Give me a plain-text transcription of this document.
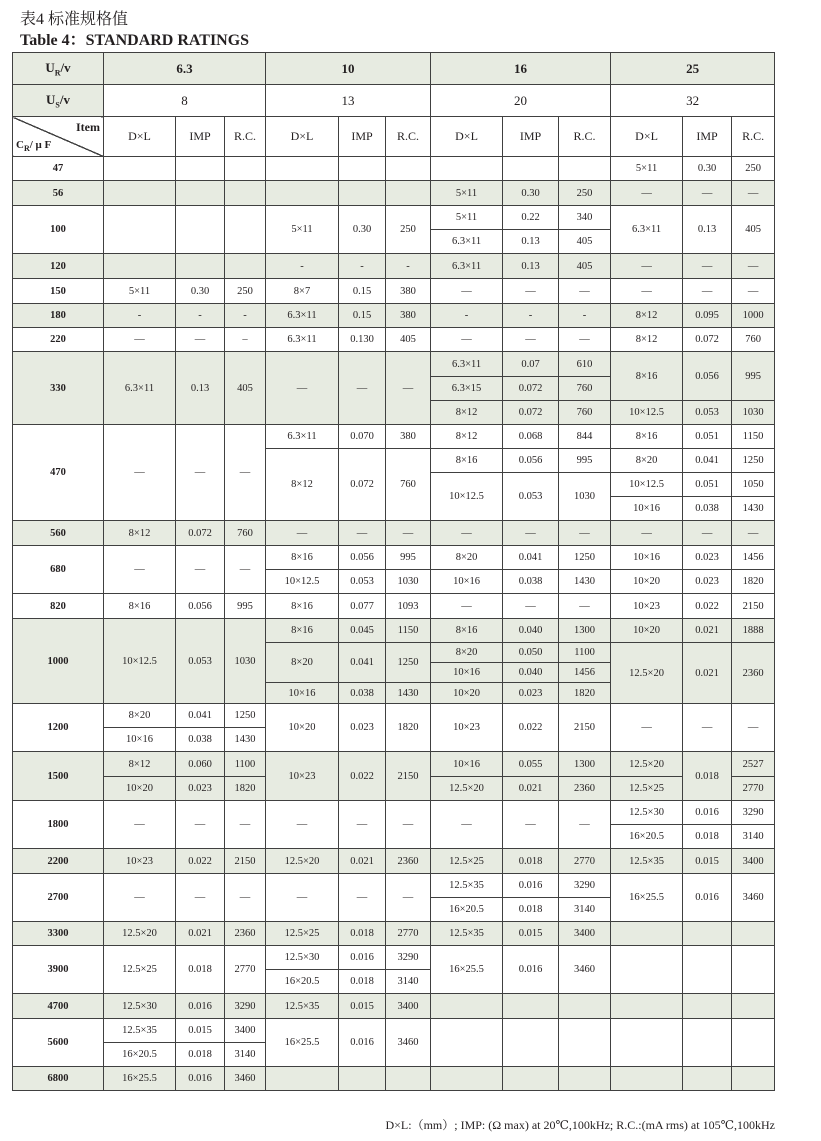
表4 标准规格值
Table 4：STANDARD RATINGS
$U_R/v$	6.3			10			16			25		
$U_S/v$	8			13			20			32		

Item
$C_R/$ μ F	D×L	IMP	R.C.	D×L	IMP	R.C.	D×L	IMP	R.C.	D×L	IMP	R.C.
47										5×11	0.30	250
56							5×11	0.30	250	—	—	—
100				5×11	0.30	250	5×11	0.22	340	6.3×11	0.13	405
							6.3×11	0.13	405			
120				-	-	-	6.3×11	0.13	405	—	—	—
150	5×11	0.30	250	8×7	0.15	380	—	—	—	—	—	—
180	-	-	-	6.3×11	0.15	380	-	-	-	8×12	0.095	1000
220	—	—	–	6.3×11	0.130	405	—	—	—	8×12	0.072	760
330	6.3×11	0.13	405	—	—	—	6.3×11	0.07	610	8×16	0.056	995
							6.3×15	0.072	760			
							8×12	0.072	760	10×12.5	0.053	1030
470	—	—	—	6.3×11	0.070	380	8×12	0.068	844	8×16	0.051	1150
				8×12	0.072	760	8×16	0.056	995	8×20	0.041	1250
							10×12.5	0.053	1030	10×12.5	0.051	1050
										10×16	0.038	1430
560	8×12	0.072	760	—	—	—	—	—	—	—	—	—
680	—	—	—	8×16	0.056	995	8×20	0.041	1250	10×16	0.023	1456
				10×12.5	0.053	1030	10×16	0.038	1430	10×20	0.023	1820
820	8×16	0.056	995	8×16	0.077	1093	—	—	—	10×23	0.022	2150
1000	10×12.5	0.053	1030	8×16	0.045	1150	8×16	0.040	1300	10×20	0.021	1888
				8×20	0.041	1250	8×20	0.050	1100	12.5×20	0.021	2360
							10×16	0.040	1456			
				10×16	0.038	1430	10×20	0.023	1820			
1200	8×20	0.041	1250	10×20	0.023	1820	10×23	0.022	2150	—	—	—
	10×16	0.038	1430									
1500	8×12	0.060	1100	10×23	0.022	2150	10×16	0.055	1300	12.5×20	0.018	2527
	10×20	0.023	1820				12.5×20	0.021	2360	12.5×25		2770
1800	—	—	—	—	—	—	—	—	—	12.5×30	0.016	3290
										16×20.5	0.018	3140
2200	10×23	0.022	2150	12.5×20	0.021	2360	12.5×25	0.018	2770	12.5×35	0.015	3400
2700	—	—	—	—	—	—	12.5×35	0.016	3290	16×25.5	0.016	3460
							16×20.5	0.018	3140			
3300	12.5×20	0.021	2360	12.5×25	0.018	2770	12.5×35	0.015	3400			
3900	12.5×25	0.018	2770	12.5×30	0.016	3290	16×25.5	0.016	3460			
				16×20.5	0.018	3140						
4700	12.5×30	0.016	3290	12.5×35	0.015	3400						
5600	12.5×35	0.015	3400	16×25.5	0.016	3460						
	16×20.5	0.018	3140									
6800	16×25.5	0.016	3460									
D×L:（mm）; IMP: (Ω max) at 20℃,100kHz; R.C.:(mA rms) at 105℃,100kHz
